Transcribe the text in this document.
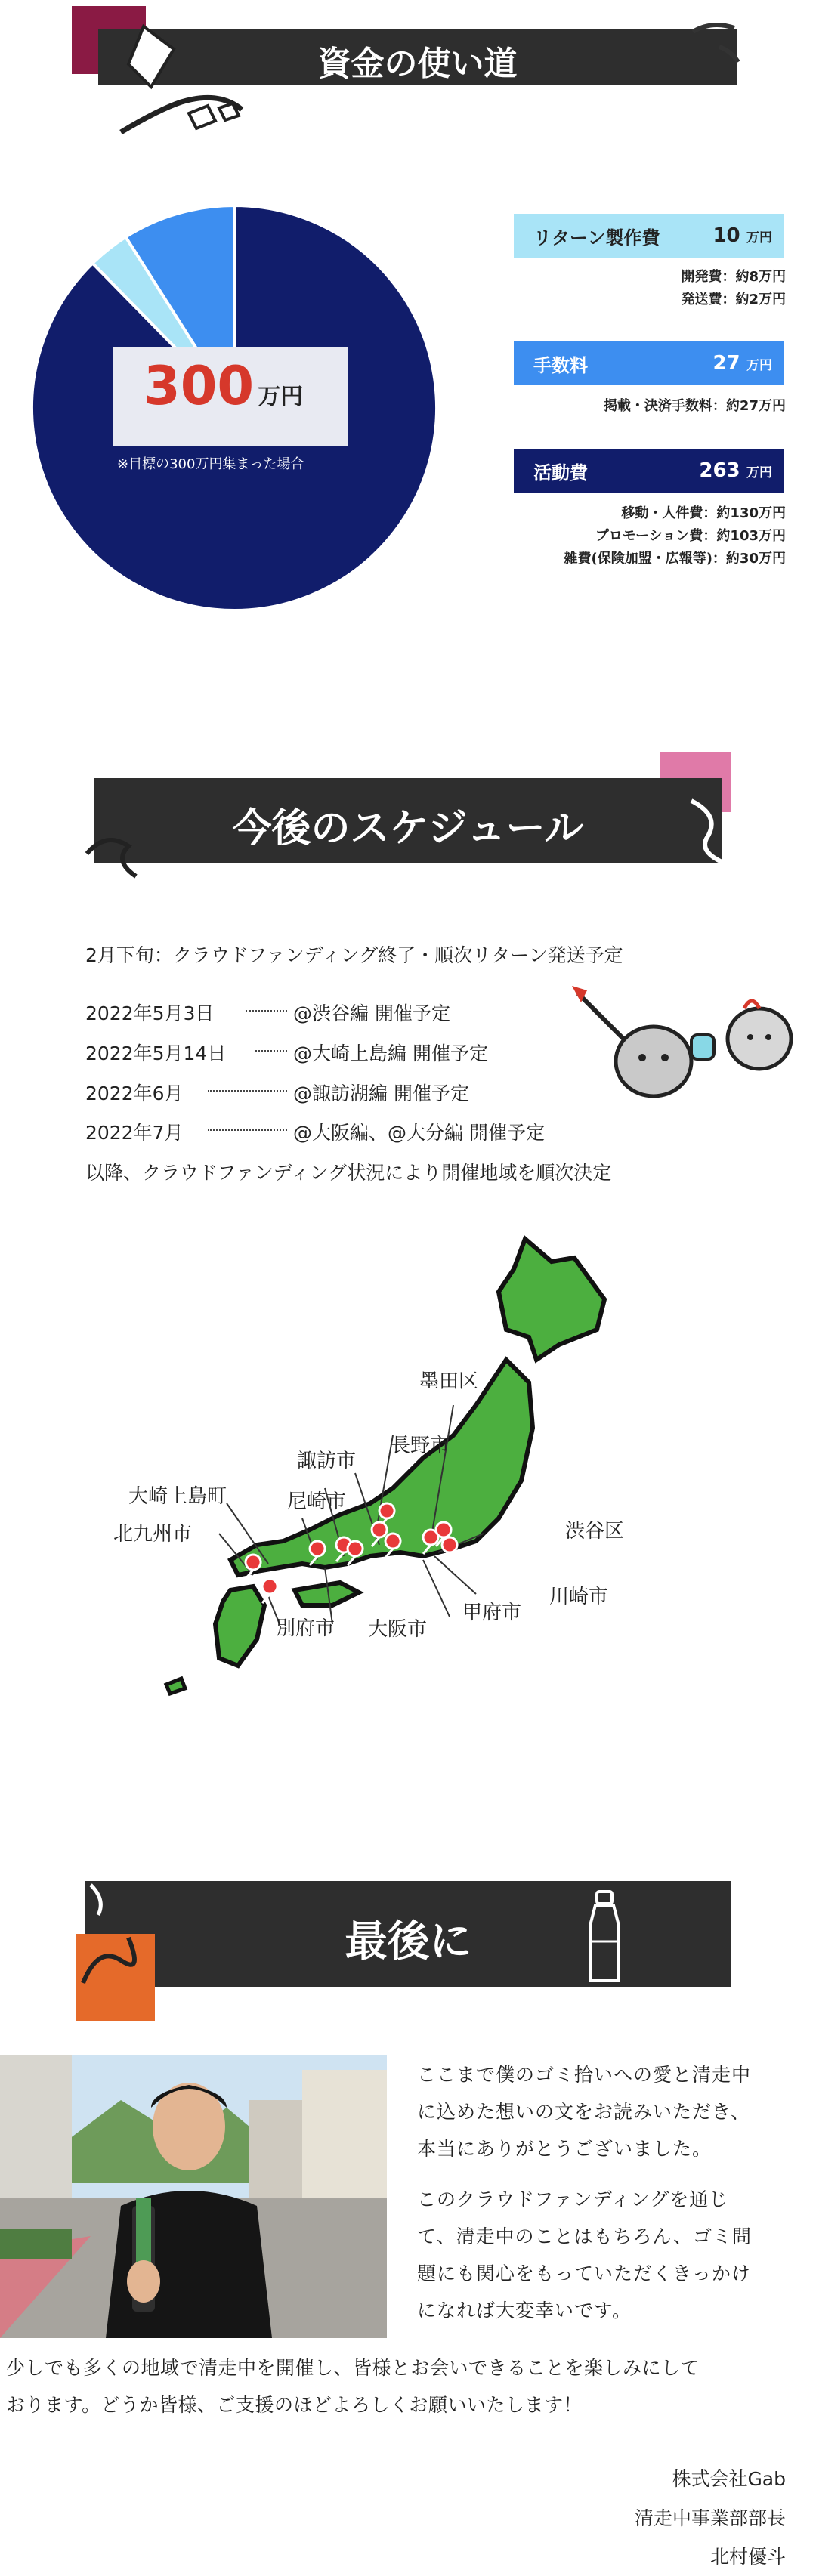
資金の使い道
300 万円
※目標の300万円集まった場合
リターン製作費	10 万円
開発費：約8万円
発送費：約2万円
手数料	27 万円
掲載・決済手数料：約27万円
活動費	263 万円
移動・人件費：約130万円
プロモーション費：約103万円
雑費(保険加盟・広報等)：約30万円
今後のスケジュール
2月下旬：クラウドファンディング終了・順次リターン発送予定
2022年5月3日	@渋谷編 開催予定
2022年5月14日	@大崎上島編 開催予定
2022年6月	@諏訪湖編 開催予定
2022年7月	@大阪編、@大分編 開催予定
以降、クラウドファンディング状況により開催地域を順次決定
墨田区
諏訪市
長野市
大崎上島町	尼崎市
北九州市	渋谷区
川崎市
別府市 大阪市
甲府市
最後に
ここまで僕のゴミ拾いへの愛と清走中
に込めた想いの文をお読みいただき、
本当にありがとうございました。
このクラウドファンディングを通じ
て、清走中のことはもちろん、ゴミ問
題にも関心をもっていただくきっかけ
になれば大変幸いです。
少しでも多くの地域で清走中を開催し、皆様とお会いできることを楽しみにして
おります。どうか皆様、ご支援のほどよろしくお願いいたします！
株式会社Gab
清走中事業部部長
北村優斗
